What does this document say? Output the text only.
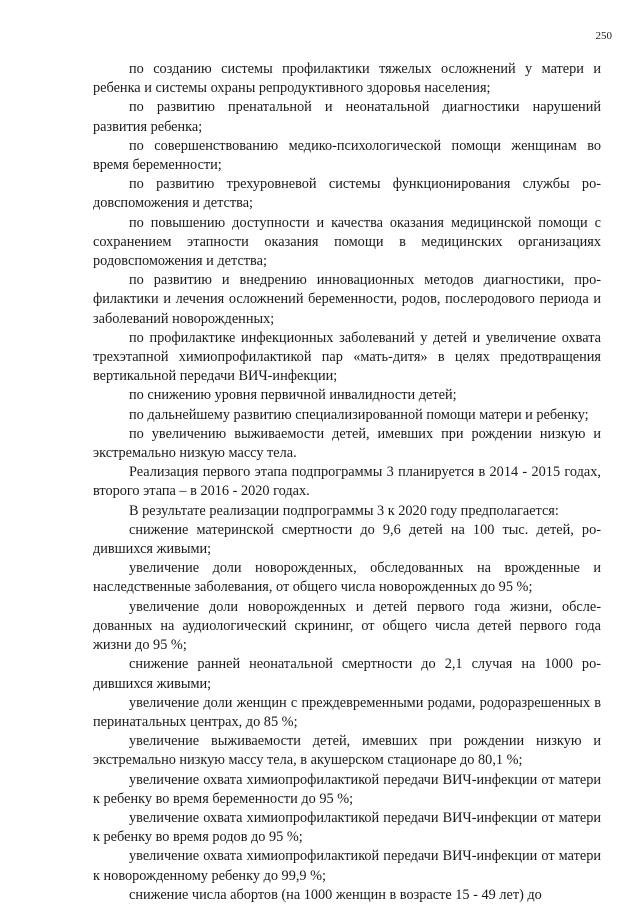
250

по созданию системы профилактики тяжелых осложнений у матери и ребенка и системы охраны репродуктивного здоровья населения;

по развитию пренатальной и неонатальной диагностики нарушений развития ребенка;

по совершенствованию медико-психологической помощи женщинам во время беременности;

по развитию трехуровневой системы функционирования службы родовспоможения и детства;

по повышению доступности и качества оказания медицинской помощи с сохранением этапности оказания помощи в медицинских организациях родовспоможения и детства;

по развитию и внедрению инновационных методов диагностики, профилактики и лечения осложнений беременности, родов, послеродового периода и заболеваний новорожденных;

по профилактике инфекционных заболеваний у детей и увеличение охвата трехэтапной химиопрофилактикой пар «мать-дитя» в целях предотвращения вертикальной передачи ВИЧ-инфекции;

по снижению уровня первичной инвалидности детей;

по дальнейшему развитию специализированной помощи матери и ребенку;

по увеличению выживаемости детей, имевших при рождении низкую и экстремально низкую массу тела.

Реализация первого этапа подпрограммы 3 планируется в 2014 - 2015 годах, второго этапа – в 2016 - 2020 годах.

В результате реализации подпрограммы 3 к 2020 году предполагается:

снижение материнской смертности до 9,6 детей на 100 тыс. детей, родившихся живыми;

увеличение доли новорожденных, обследованных на врожденные и наследственные заболевания, от общего числа новорожденных до 95 %;

увеличение доли новорожденных и детей первого года жизни, обследованных на аудиологический скрининг, от общего числа детей первого года жизни до 95 %;

снижение ранней неонатальной смертности до 2,1 случая на 1000 родившихся живыми;

увеличение доли женщин с преждевременными родами, родоразрешенных в перинатальных центрах, до 85 %;

увеличение выживаемости детей, имевших при рождении низкую и экстремально низкую массу тела, в акушерском стационаре до 80,1 %;

увеличение охвата химиопрофилактикой передачи ВИЧ-инфекции от матери к ребенку во время беременности до 95 %;

увеличение охвата химиопрофилактикой передачи ВИЧ-инфекции от матери к ребенку во время родов до 95 %;

увеличение охвата химиопрофилактикой передачи ВИЧ-инфекции от матери к новорожденному ребенку до 99,9 %;

снижение числа абортов (на 1000 женщин в возрасте 15 - 49 лет) до
